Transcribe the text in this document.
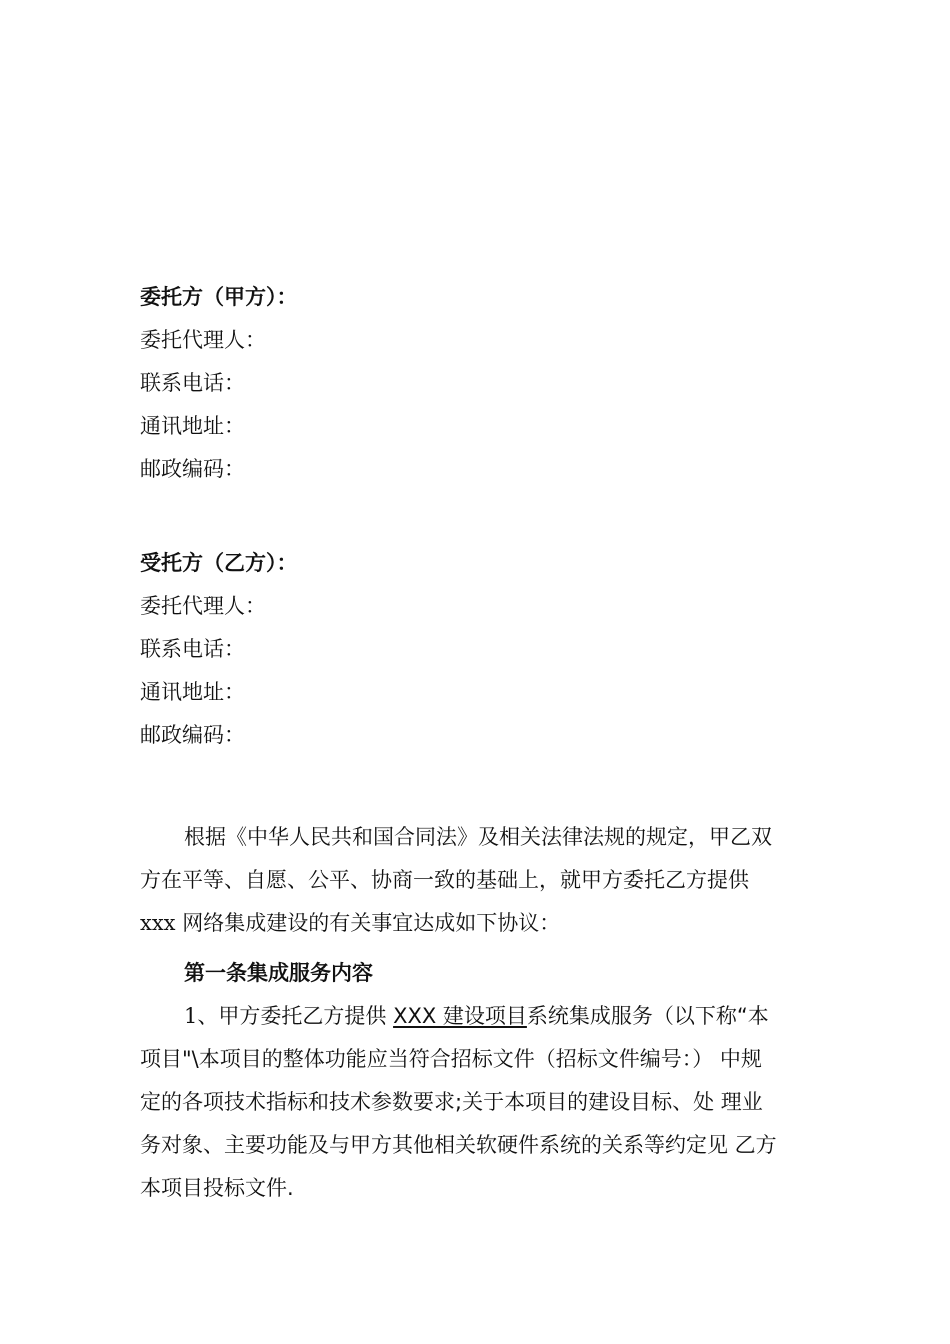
委托方（甲方）：
委托代理人：
联系电话：
通讯地址：
邮政编码：
受托方（乙方）：
委托代理人：
联系电话：
通讯地址：
邮政编码：
根据《中华人民共和国合同法》及相关法律法规的规定，甲乙双
方在平等、自愿、公平、协商一致的基础上，就甲方委托乙方提供
xxx 网络集成建设的有关事宜达成如下协议：
第一条集成服务内容
1、甲方委托乙方提供 XXX 建设项目系统集成服务（以下称“本
项目"\本项目的整体功能应当符合招标文件（招标文件编号：） 中规
定的各项技术指标和技术参数要求;关于本项目的建设目标、处 理业
务对象、主要功能及与甲方其他相关软硬件系统的关系等约定见 乙方
本项目投标文件.
